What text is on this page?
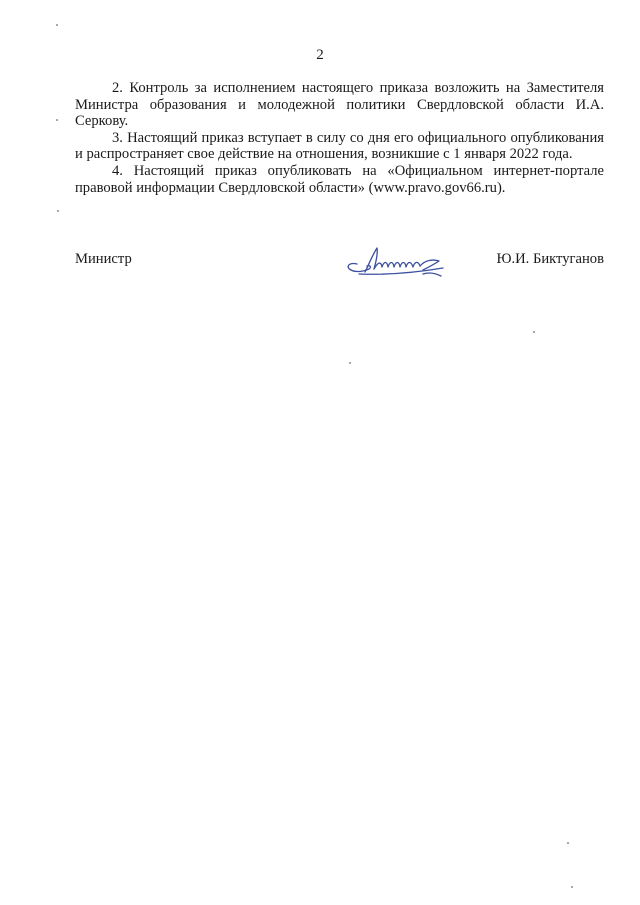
2

2. Контроль за исполнением настоящего приказа возложить на Заместителя Министра образования и молодежной политики Свердловской области И.А. Серкову.

3. Настоящий приказ вступает в силу со дня его официального опубликования и распространяет свое действие на отношения, возникшие с 1 января 2022 года.

4. Настоящий приказ опубликовать на «Официальном интернет-портале правовой информации Свердловской области» (www.pravo.gov66.ru).

Министр	Ю.И. Биктуганов
